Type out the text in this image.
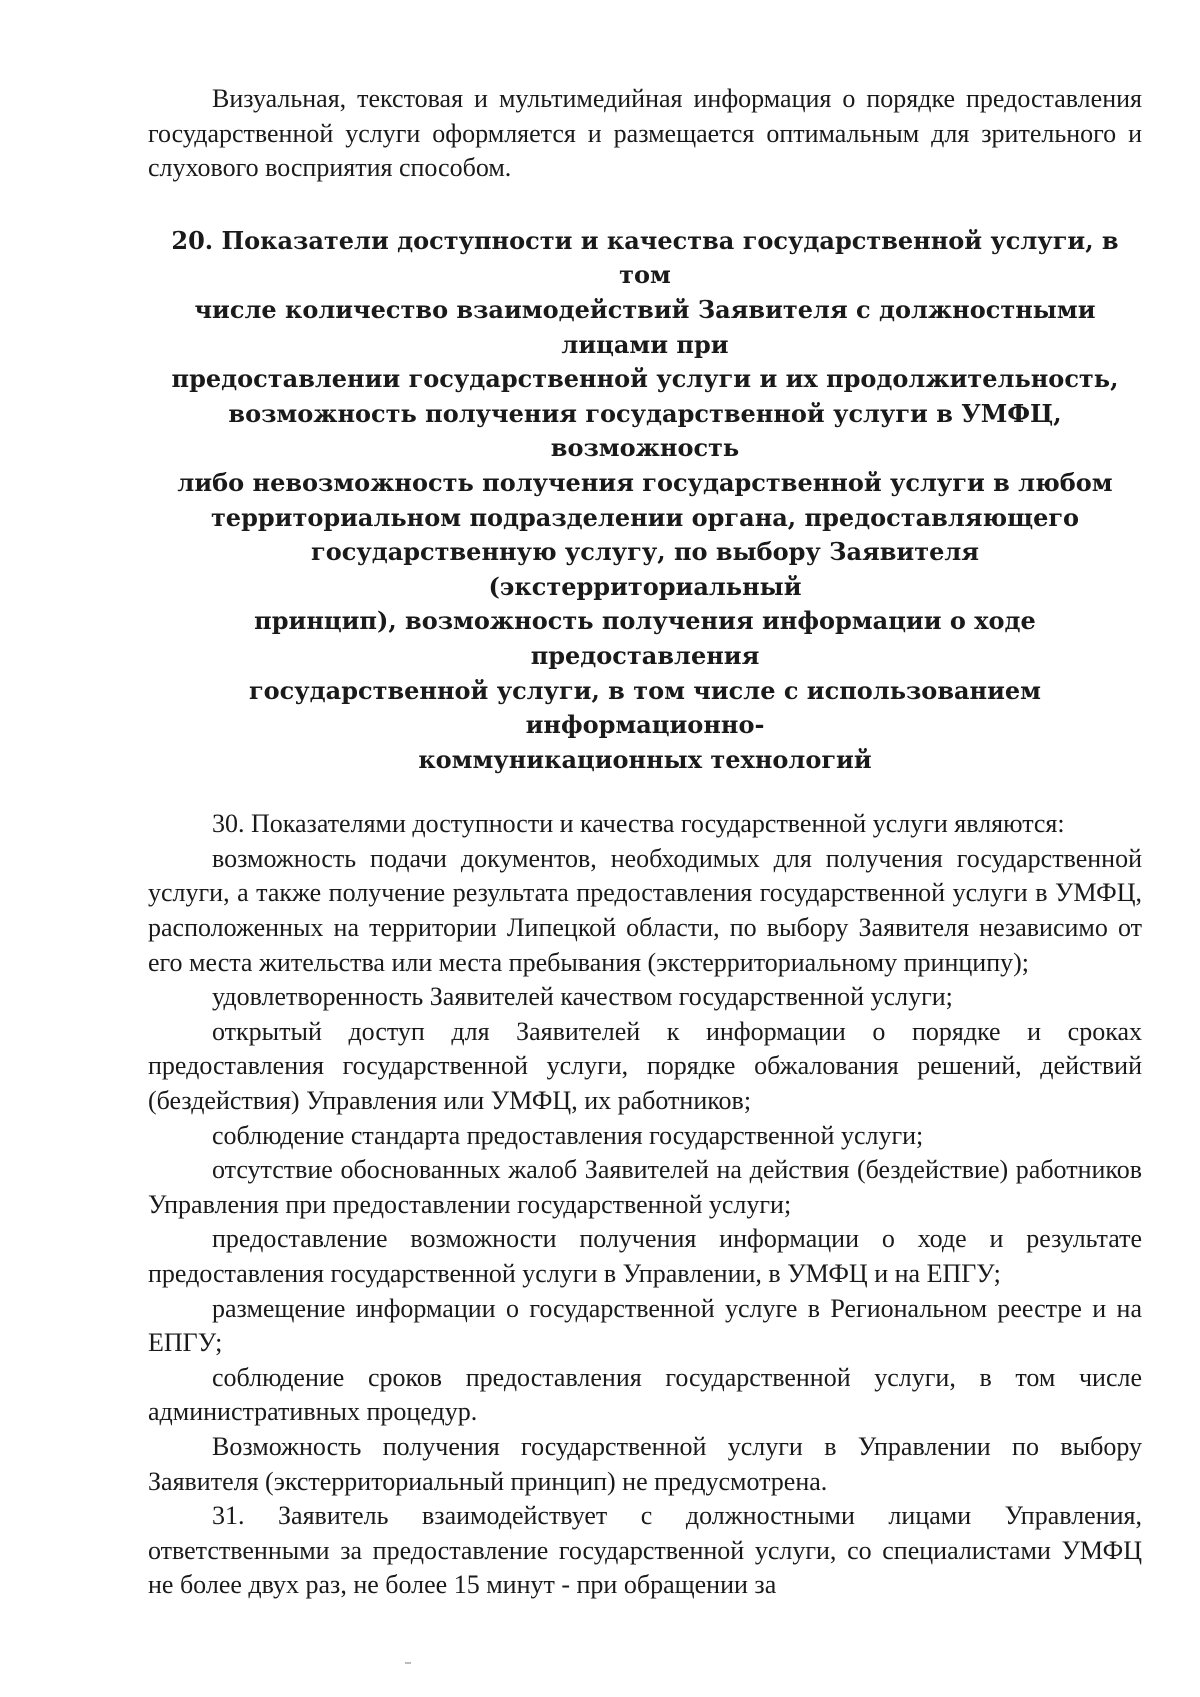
Визуальная, текстовая и мультимедийная информация о порядке предоставления государственной услуги оформляется и размещается оптимальным для зрительного и слухового восприятия способом.

20. Показатели доступности и качества государственной услуги, в том
числе количество взаимодействий Заявителя с должностными лицами при
предоставлении государственной услуги и их продолжительность,
возможность получения государственной услуги в УМФЦ, возможность
либо невозможность получения государственной услуги в любом
территориальном подразделении органа, предоставляющего
государственную услугу, по выбору Заявителя (экстерриториальный
принцип), возможность получения информации о ходе предоставления
государственной услуги, в том числе с использованием информационно-
коммуникационных технологий

30. Показателями доступности и качества государственной услуги являются:

возможность подачи документов, необходимых для получения государственной услуги, а также получение результата предоставления государственной услуги в УМФЦ, расположенных на территории Липецкой области, по выбору Заявителя независимо от его места жительства или места пребывания (экстерриториальному принципу);

удовлетворенность Заявителей качеством государственной услуги;

открытый доступ для Заявителей к информации о порядке и сроках предоставления государственной услуги, порядке обжалования решений, действий (бездействия) Управления или УМФЦ, их работников;

соблюдение стандарта предоставления государственной услуги;

отсутствие обоснованных жалоб Заявителей на действия (бездействие) работников Управления при предоставлении государственной услуги;

предоставление возможности получения информации о ходе и результате предоставления государственной услуги в Управлении, в УМФЦ и на ЕПГУ;

размещение информации о государственной услуге в Региональном реестре и на ЕПГУ;

соблюдение сроков предоставления государственной услуги, в том числе административных процедур.

Возможность получения государственной услуги в Управлении по выбору Заявителя (экстерриториальный принцип) не предусмотрена.

31. Заявитель взаимодействует с должностными лицами Управления, ответственными за предоставление государственной услуги, со специалистами УМФЦ не более двух раз, не более 15 минут - при обращении за
